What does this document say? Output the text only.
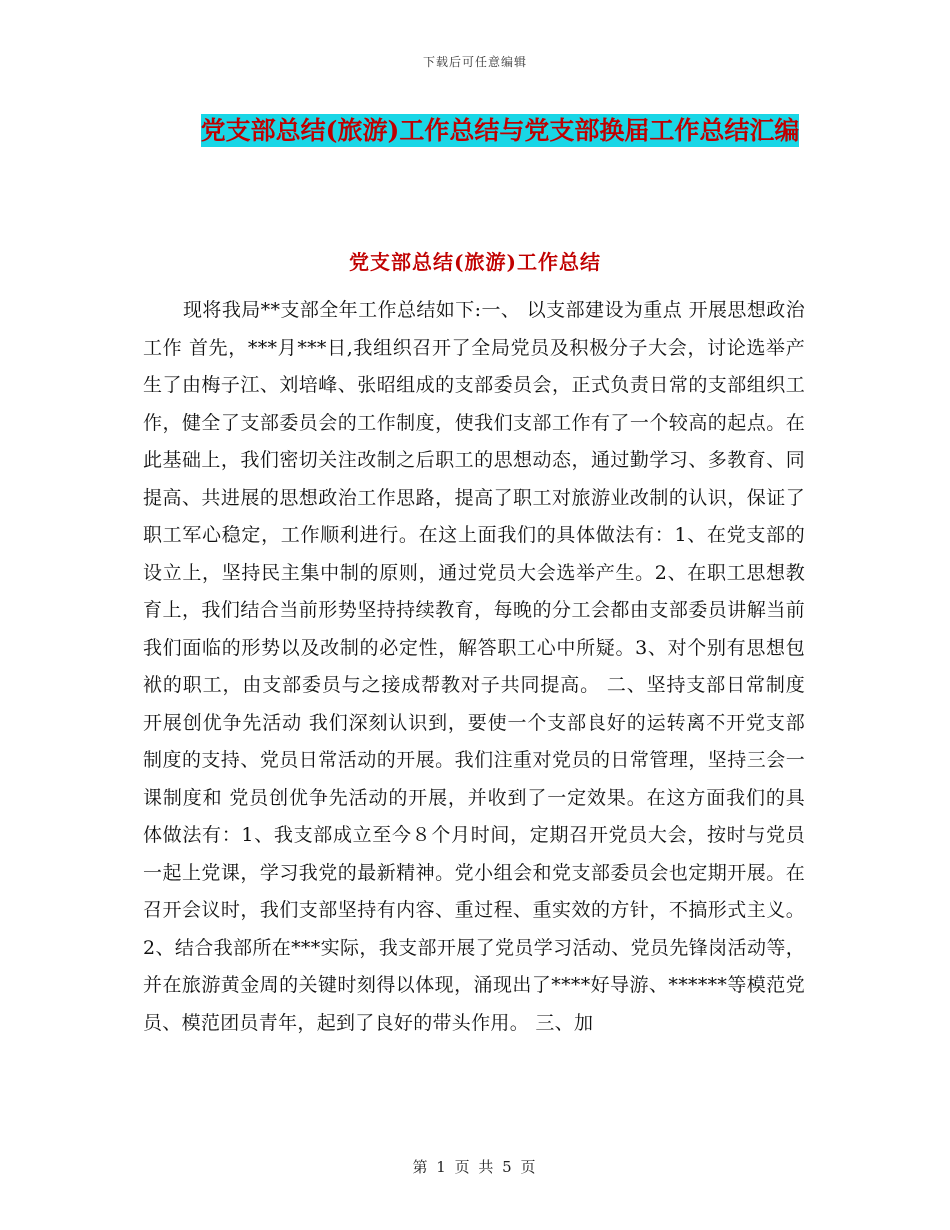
下载后可任意编辑
党支部总结(旅游)工作总结与党支部换届工作总结汇编
党支部总结(旅游)工作总结

现将我局**支部全年工作总结如下:一、 以支部建设为重点 开展思想政治工作 首先，***月***日,我组织召开了全局党员及积极分子大会，讨论选举产生了由梅子江、刘培峰、张昭组成的支部委员会，正式负责日常的支部组织工作，健全了支部委员会的工作制度，使我们支部工作有了一个较高的起点。在此基础上，我们密切关注改制之后职工的思想动态，通过勤学习、多教育、同提高、共进展的思想政治工作思路，提高了职工对旅游业改制的认识，保证了职工军心稳定，工作顺利进行。在这上面我们的具体做法有：1、在党支部的设立上，坚持民主集中制的原则，通过党员大会选举产生。2、在职工思想教育上，我们结合当前形势坚持持续教育，每晚的分工会都由支部委员讲解当前我们面临的形势以及改制的必定性，解答职工心中所疑。3、对个别有思想包袱的职工，由支部委员与之接成帮教对子共同提高。 二、坚持支部日常制度 开展创优争先活动 我们深刻认识到，要使一个支部良好的运转离不开党支部制度的支持、党员日常活动的开展。我们注重对党员的日常管理，坚持三会一课制度和 党员创优争先活动的开展，并收到了一定效果。在这方面我们的具体做法有：1、我支部成立至今８个月时间，定期召开党员大会，按时与党员一起上党课，学习我党的最新精神。党小组会和党支部委员会也定期开展。在召开会议时，我们支部坚持有内容、重过程、重实效的方针，不搞形式主义。 2、结合我部所在***实际，我支部开展了党员学习活动、党员先锋岗活动等，并在旅游黄金周的关键时刻得以体现，涌现出了****好导游、******等模范党员、模范团员青年，起到了良好的带头作用。 三、加

第 1 页 共 5 页
